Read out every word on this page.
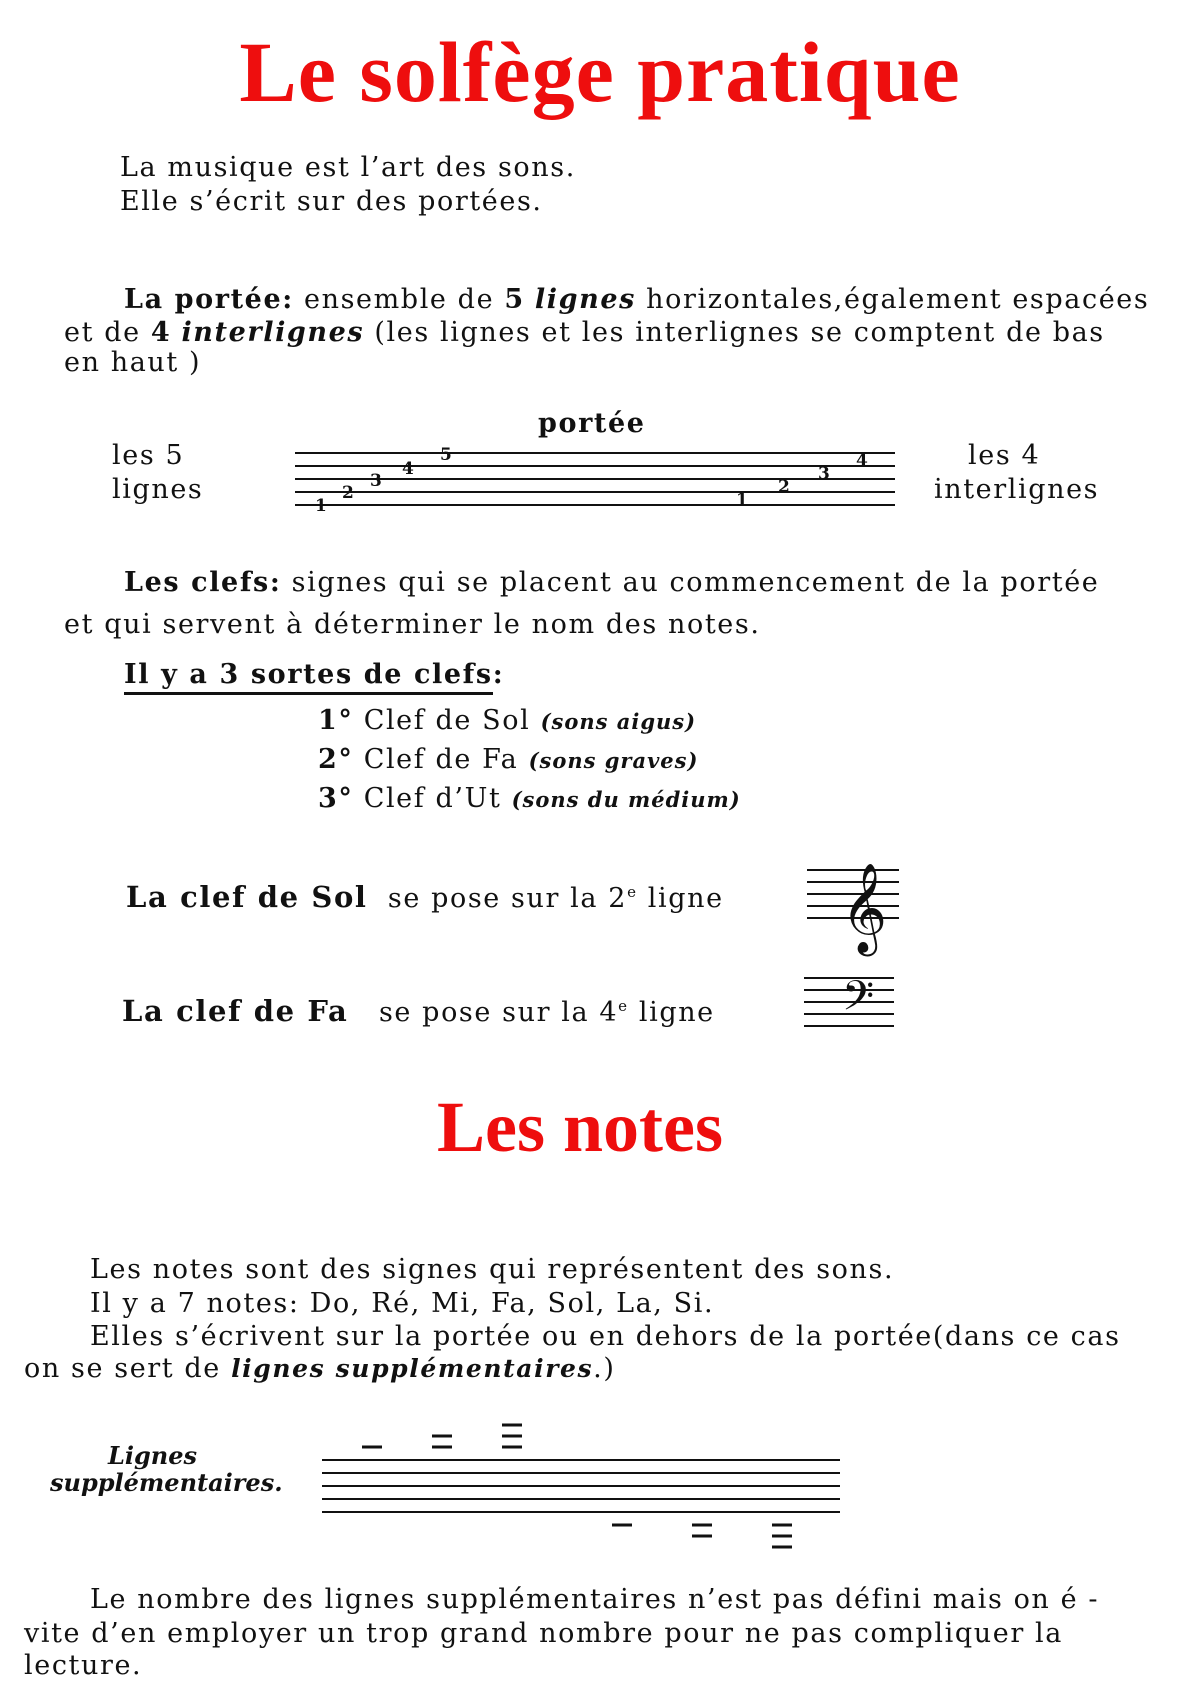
Le solfège pratique
La musique est l’art des sons.
Elle s’écrit sur des portées.
La portée: ensemble de 5 lignes horizontales,également espacées
et de 4 interlignes (les lignes et les interlignes se comptent de bas
en haut )
portée
les 5
lignes
les 4
interlignes
1
2
3
4
5
1
2
3
4
Les clefs: signes qui se placent au commencement de la portée
et qui servent à déterminer le nom des notes.
Il y a 3 sortes de clefs:
1° Clef de Sol (sons aigus)
2° Clef de Fa (sons graves)
3° Clef d’Ut (sons du médium)
La clef de Sol se pose sur la 2e ligne 𝄞
La clef de Fa se pose sur la 4e ligne	𝄢
Les notes
Les notes sont des signes qui représentent des sons.
Il y a 7 notes: Do, Ré, Mi, Fa, Sol, La, Si.
Elles s’écrivent sur la portée ou en dehors de la portée(dans ce cas
on se sert de lignes supplémentaires.)
Lignes
supplémentaires.
Le nombre des lignes supplémentaires n’est pas défini mais on é -
vite d’en employer un trop grand nombre pour ne pas compliquer la
lecture.
